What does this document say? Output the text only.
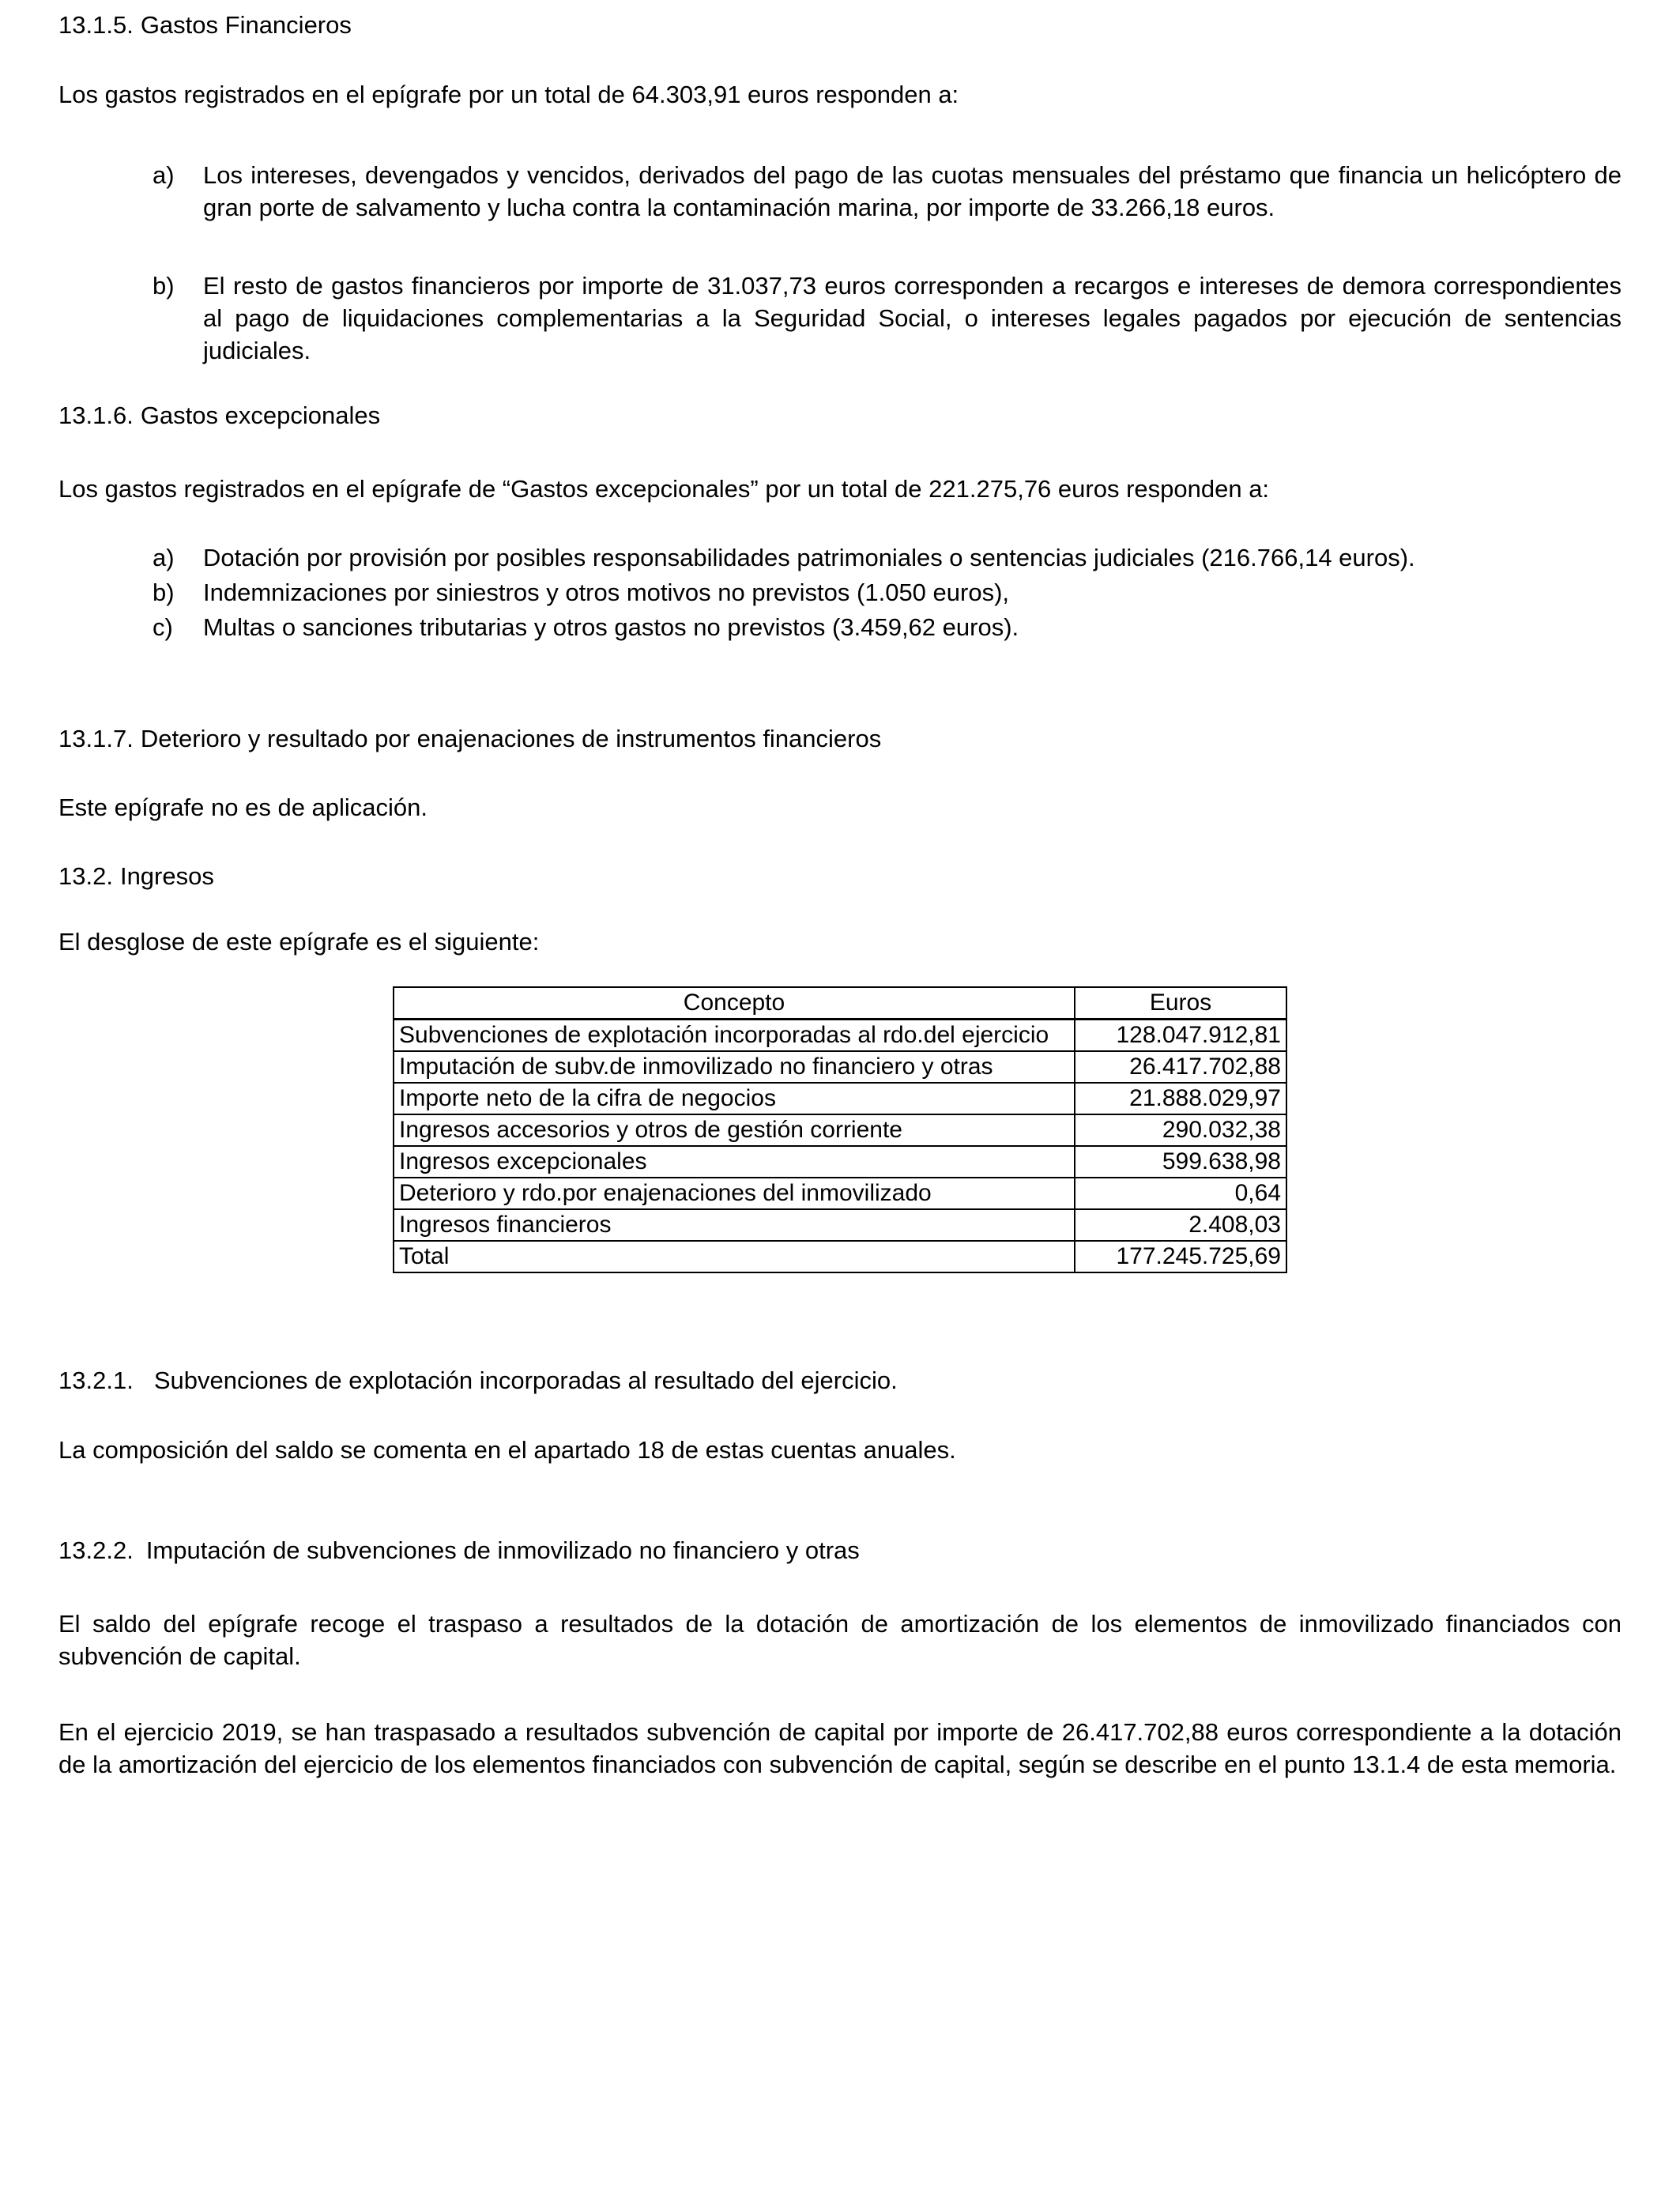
13.1.5. Gastos Financieros
Los gastos registrados en el epígrafe por un total de 64.303,91 euros responden a:
a)	Los intereses, devengados y vencidos, derivados del pago de las cuotas mensuales del préstamo que financia un helicóptero de gran porte de salvamento y lucha contra la contaminación marina, por importe de 33.266,18 euros.
b)	El resto de gastos financieros por importe de 31.037,73 euros corresponden a recargos e intereses de demora correspondientes al pago de liquidaciones complementarias a la Seguridad Social, o intereses legales pagados por ejecución de sentencias judiciales.
13.1.6. Gastos excepcionales
Los gastos registrados en el epígrafe de “Gastos excepcionales” por un total de 221.275,76 euros responden a:
a)	Dotación por provisión por posibles responsabilidades patrimoniales o sentencias judiciales (216.766,14 euros).
b)	Indemnizaciones por siniestros y otros motivos no previstos (1.050 euros),
c)	Multas o sanciones tributarias y otros gastos no previstos (3.459,62 euros).
13.1.7. Deterioro y resultado por enajenaciones de instrumentos financieros
Este epígrafe no es de aplicación.
13.2. Ingresos
El desglose de este epígrafe es el siguiente:
Concepto	Euros
Subvenciones de explotación incorporadas al rdo.del ejercicio	128.047.912,81
Imputación de subv.de inmovilizado no financiero y otras	26.417.702,88
Importe neto de la cifra de negocios	21.888.029,97
Ingresos accesorios y otros de gestión corriente	290.032,38
Ingresos excepcionales	599.638,98
Deterioro y rdo.por enajenaciones del inmovilizado	0,64
Ingresos financieros	2.408,03
Total	177.245.725,69
13.2.1. Subvenciones de explotación incorporadas al resultado del ejercicio.
La composición del saldo se comenta en el apartado 18 de estas cuentas anuales.
13.2.2. Imputación de subvenciones de inmovilizado no financiero y otras
El saldo del epígrafe recoge el traspaso a resultados de la dotación de amortización de los elementos de inmovilizado financiados con subvención de capital.
En el ejercicio 2019, se han traspasado a resultados subvención de capital por importe de 26.417.702,88 euros correspondiente a la dotación de la amortización del ejercicio de los elementos financiados con subvención de capital, según se describe en el punto 13.1.4 de esta memoria.
